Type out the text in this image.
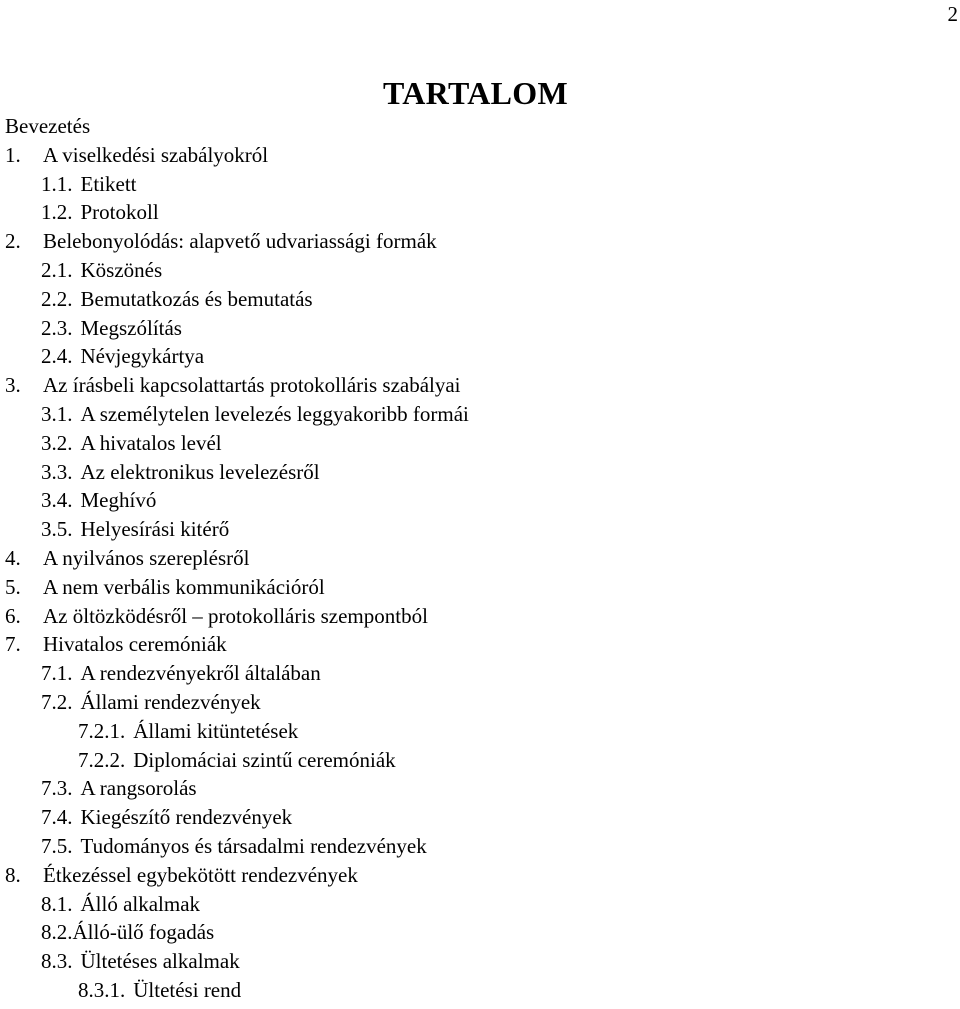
2
TARTALOM
Bevezetés
1.	A viselkedési szabályokról
1.1. Etikett
1.2. Protokoll
2.	Belebonyolódás: alapvető udvariassági formák
2.1. Köszönés
2.2. Bemutatkozás és bemutatás
2.3. Megszólítás
2.4. Névjegykártya
3.	Az írásbeli kapcsolattartás protokolláris szabályai
3.1. A személytelen levelezés leggyakoribb formái
3.2. A hivatalos levél
3.3. Az elektronikus levelezésről
3.4. Meghívó
3.5. Helyesírási kitérő
4.	A nyilvános szereplésről
5.	A nem verbális kommunikációról
6.	Az öltözködésről – protokolláris szempontból
7.	Hivatalos ceremóniák
7.1. A rendezvényekről általában
7.2. Állami rendezvények
7.2.1. Állami kitüntetések
7.2.2. Diplomáciai szintű ceremóniák
7.3. A rangsorolás
7.4. Kiegészítő rendezvények
7.5. Tudományos és társadalmi rendezvények
8.	Étkezéssel egybekötött rendezvények
8.1. Álló alkalmak
8.2. Álló-ülő fogadás
8.3. Ültetéses alkalmak
8.3.1. Ültetési rend
